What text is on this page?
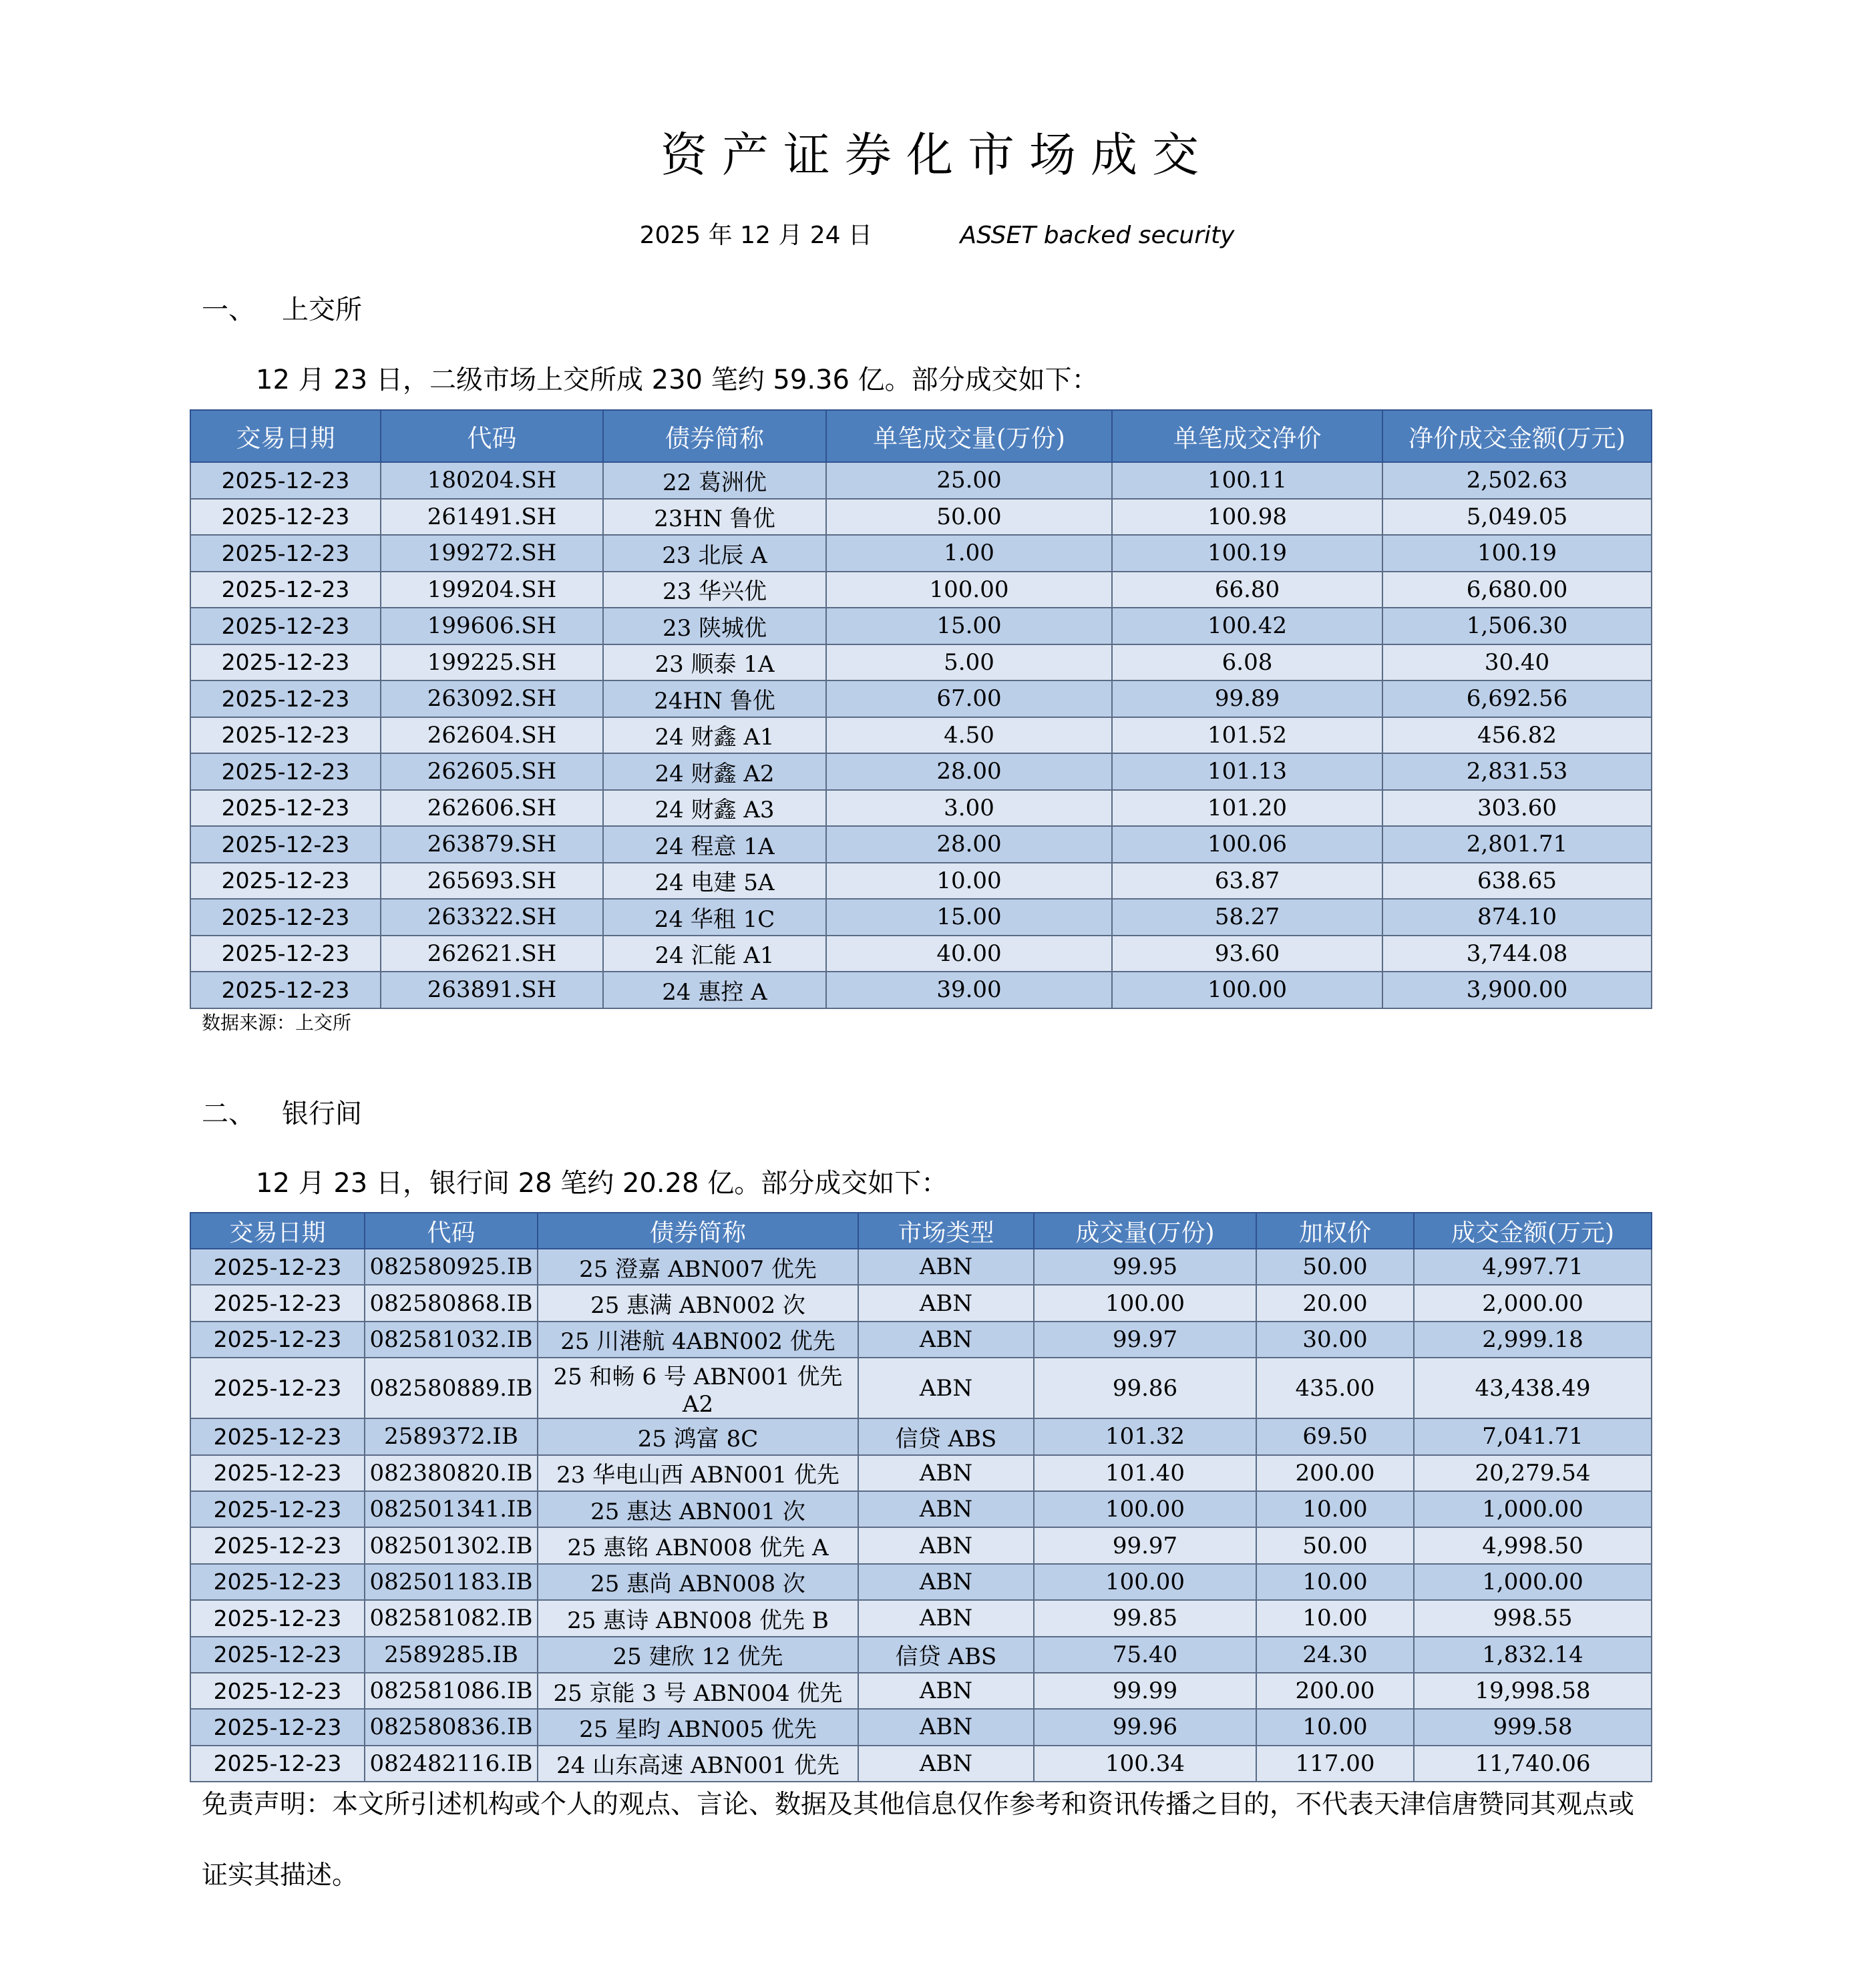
资产证券化市场成交
2025 年 12 月 24 日	ASSET backed security
一、 上交所
12 月 23 日，二级市场上交所成 230 笔约 59.36 亿。部分成交如下：
交易日期	代码	债券简称	单笔成交量(万份)	单笔成交净价	净价成交金额(万元)
2025-12-23	180204.SH	22 葛洲优	25.00	100.11	2,502.63
2025-12-23	261491.SH	23HN 鲁优	50.00	100.98	5,049.05
2025-12-23	199272.SH	23 北辰 A	1.00	100.19	100.19
2025-12-23	199204.SH	23 华兴优	100.00	66.80	6,680.00
2025-12-23	199606.SH	23 陕城优	15.00	100.42	1,506.30
2025-12-23	199225.SH	23 顺泰 1A	5.00	6.08	30.40
2025-12-23	263092.SH	24HN 鲁优	67.00	99.89	6,692.56
2025-12-23	262604.SH	24 财鑫 A1	4.50	101.52	456.82
2025-12-23	262605.SH	24 财鑫 A2	28.00	101.13	2,831.53
2025-12-23	262606.SH	24 财鑫 A3	3.00	101.20	303.60
2025-12-23	263879.SH	24 程意 1A	28.00	100.06	2,801.71
2025-12-23	265693.SH	24 电建 5A	10.00	63.87	638.65
2025-12-23	263322.SH	24 华租 1C	15.00	58.27	874.10
2025-12-23	262621.SH	24 汇能 A1	40.00	93.60	3,744.08
2025-12-23	263891.SH	24 惠控 A	39.00	100.00	3,900.00
数据来源：上交所
二、 银行间
12 月 23 日，银行间 28 笔约 20.28 亿。部分成交如下：
交易日期	代码	债券简称	市场类型	成交量(万份)	加权价	成交金额(万元)
2025-12-23	082580925.IB	25 澄嘉 ABN007 优先	ABN	99.95	50.00	4,997.71
2025-12-23	082580868.IB	25 惠满 ABN002 次	ABN	100.00	20.00	2,000.00
2025-12-23	082581032.IB	25 川港航 4ABN002 优先	ABN	99.97	30.00	2,999.18
2025-12-23	082580889.IB	25 和畅 6 号 ABN001 优先 A2	ABN	99.86	435.00	43,438.49
2025-12-23	2589372.IB	25 鸿富 8C	信贷 ABS	101.32	69.50	7,041.71
2025-12-23	082380820.IB	23 华电山西 ABN001 优先	ABN	101.40	200.00	20,279.54
2025-12-23	082501341.IB	25 惠达 ABN001 次	ABN	100.00	10.00	1,000.00
2025-12-23	082501302.IB	25 惠铭 ABN008 优先 A	ABN	99.97	50.00	4,998.50
2025-12-23	082501183.IB	25 惠尚 ABN008 次	ABN	100.00	10.00	1,000.00
2025-12-23	082581082.IB	25 惠诗 ABN008 优先 B	ABN	99.85	10.00	998.55
2025-12-23	2589285.IB	25 建欣 12 优先	信贷 ABS	75.40	24.30	1,832.14
2025-12-23	082581086.IB	25 京能 3 号 ABN004 优先	ABN	99.99	200.00	19,998.58
2025-12-23	082580836.IB	25 星昀 ABN005 优先	ABN	99.96	10.00	999.58
2025-12-23	082482116.IB	24 山东高速 ABN001 优先	ABN	100.34	117.00	11,740.06
免责声明：本文所引述机构或个人的观点、言论、数据及其他信息仅作参考和资讯传播之目的，不代表天津信唐赞同其观点或证实其描述。
